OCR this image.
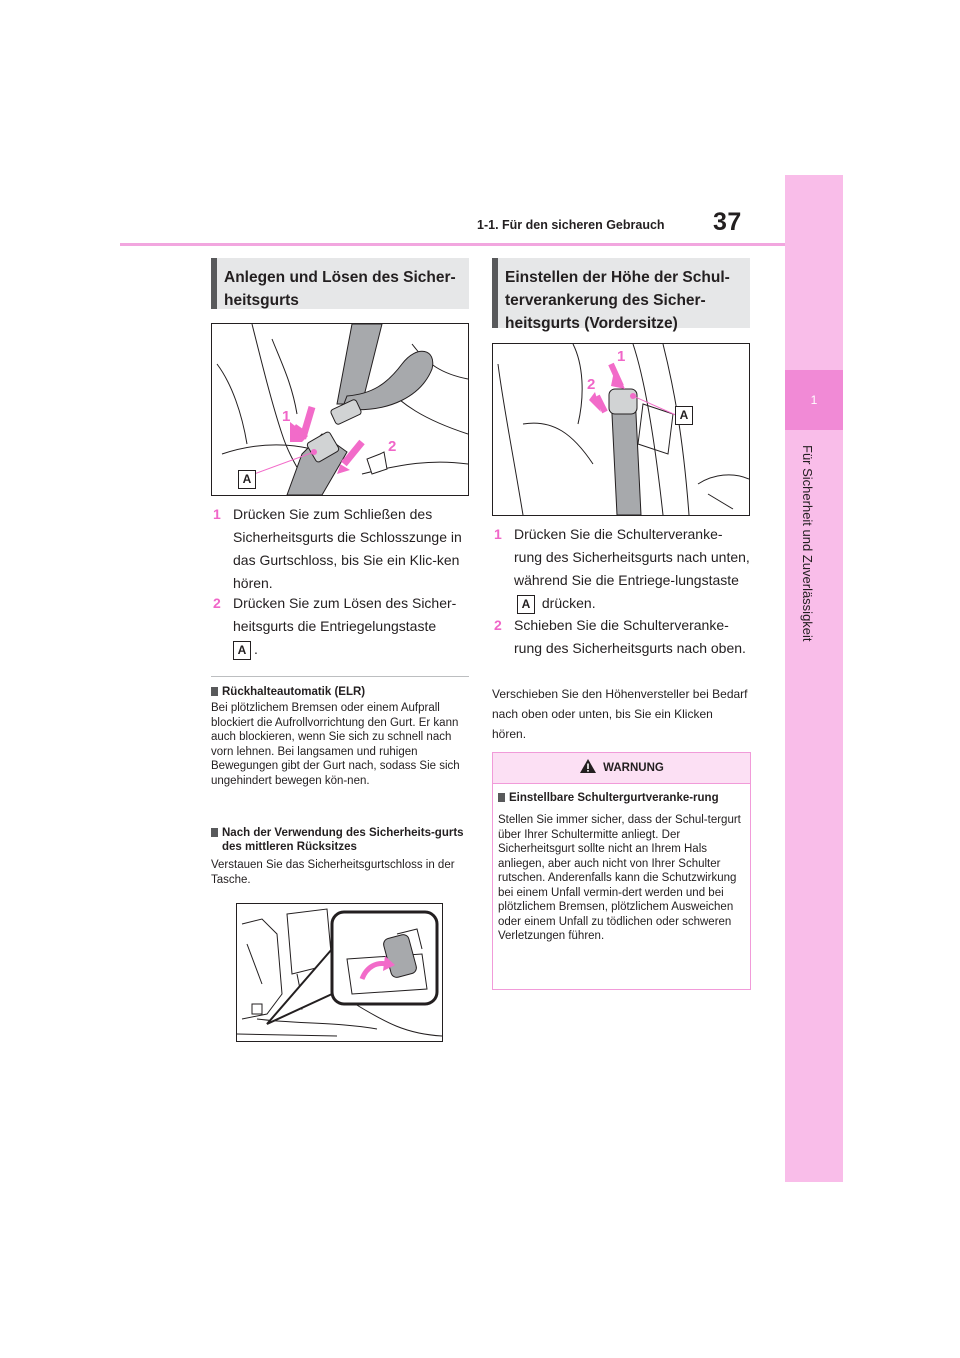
1-1. Für den sicheren Gebrauch	37
1
Für Sicherheit und Zuverlässigkeit
Anlegen und Lösen des Sicher-heitsgurts
1
2
A
1 Drücken Sie zum Schließen des Sicherheitsgurts die Schlosszunge in das Gurtschloss, bis Sie ein Klic-ken hören.
2 Drücken Sie zum Lösen des Sicher-heitsgurts die Entriegelungstaste
A .
Rückhalteautomatik (ELR)
Bei plötzlichem Bremsen oder einem Aufprall blockiert die Aufrollvorrichtung den Gurt. Er kann auch blockieren, wenn Sie sich zu schnell nach vorn lehnen. Bei langsamen und ruhigen Bewegungen gibt der Gurt nach, sodass Sie sich ungehindert bewegen kön-nen.
Nach der Verwendung des Sicherheits-gurts des mittleren Rücksitzes
Verstauen Sie das Sicherheitsgurtschloss in der Tasche.
Einstellen der Höhe der Schul-terverankerung des Sicher-heitsgurts (Vordersitze)
1
2
A
1 Drücken Sie die Schulterveranke-rung des Sicherheitsgurts nach unten, während Sie die Entriege-lungstaste A drücken.
2 Schieben Sie die Schulterveranke-rung des Sicherheitsgurts nach oben.
Verschieben Sie den Höhenversteller bei Bedarf nach oben oder unten, bis Sie ein Klicken hören.
WARNUNG
Einstellbare Schultergurtveranke-rung
Stellen Sie immer sicher, dass der Schul-tergurt über Ihrer Schultermitte anliegt. Der Sicherheitsgurt sollte nicht an Ihrem Hals anliegen, aber auch nicht von Ihrer Schulter rutschen. Anderenfalls kann die Schutzwirkung bei einem Unfall vermin-dert werden und bei plötzlichem Bremsen, plötzlichem Ausweichen oder einem Unfall zu tödlichen oder schweren Verletzungen führen.
